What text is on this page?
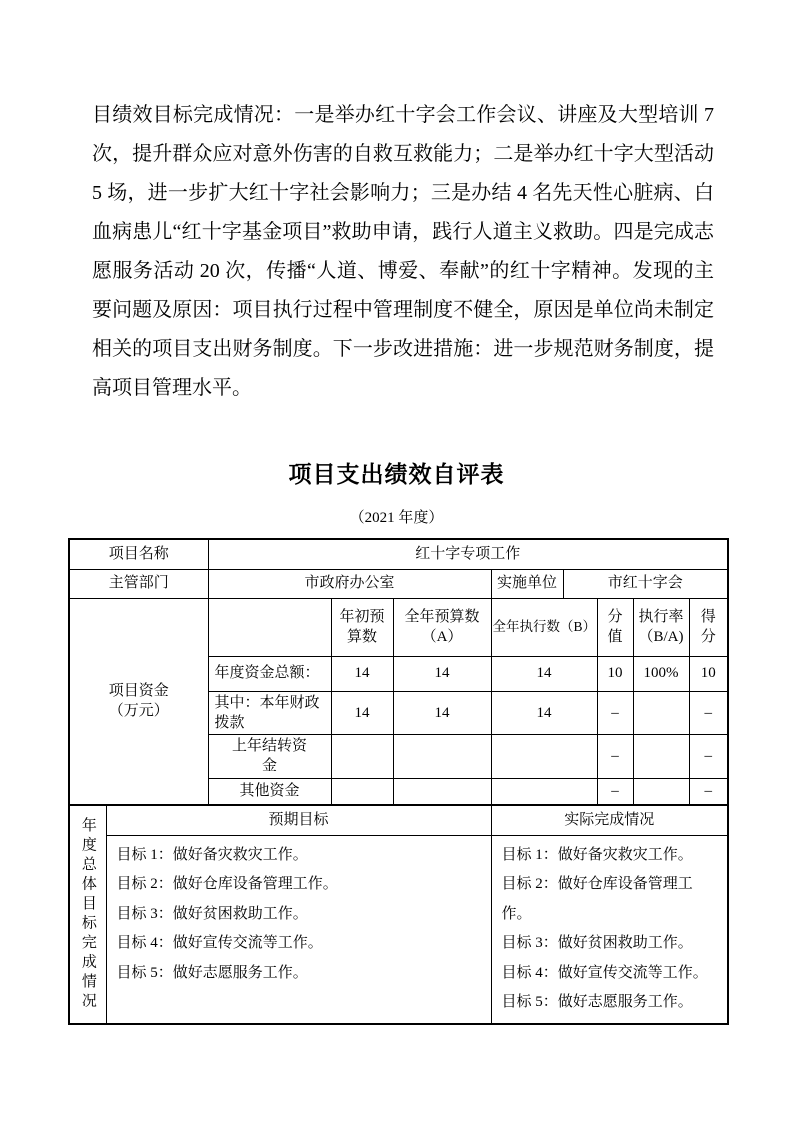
目绩效目标完成情况：一是举办红十字会工作会议、讲座及大型培训 7 次，提升群众应对意外伤害的自救互救能力；二是举办红十字大型活动 5 场，进一步扩大红十字社会影响力；三是办结 4 名先天性心脏病、白血病患儿“红十字基金项目”救助申请，践行人道主义救助。四是完成志愿服务活动 20 次，传播“人道、博爱、奉献”的红十字精神。发现的主要问题及原因：项目执行过程中管理制度不健全，原因是单位尚未制定相关的项目支出财务制度。下一步改进措施：进一步规范财务制度，提高项目管理水平。

项目支出绩效自评表
（2021 年度）
项目名称	红十字专项工作							
主管部门	市政府办公室			实施单位	市红十字会			
项目资金（万元）		年初预算数	全年预算数（A）	全年执行数（B）		分值	执行率（B/A)	得分
	年度资金总额：	14	14	14		10	100%	10
	其中：本年财政拨款	14	14	14		–		–
	上年结转资金					–		–
	其他资金					–		–
年度总体目标完成情况	预期目标	实际完成情况

目标 1：做好备灾救灾工作。
目标 2：做好仓库设备管理工作。
目标 3：做好贫困救助工作。
目标 4：做好宣传交流等工作。
目标 5：做好志愿服务工作。

目标 1：做好备灾救灾工作。
目标 2：做好仓库设备管理工作。
目标 3：做好贫困救助工作。
目标 4：做好宣传交流等工作。
目标 5：做好志愿服务工作。
